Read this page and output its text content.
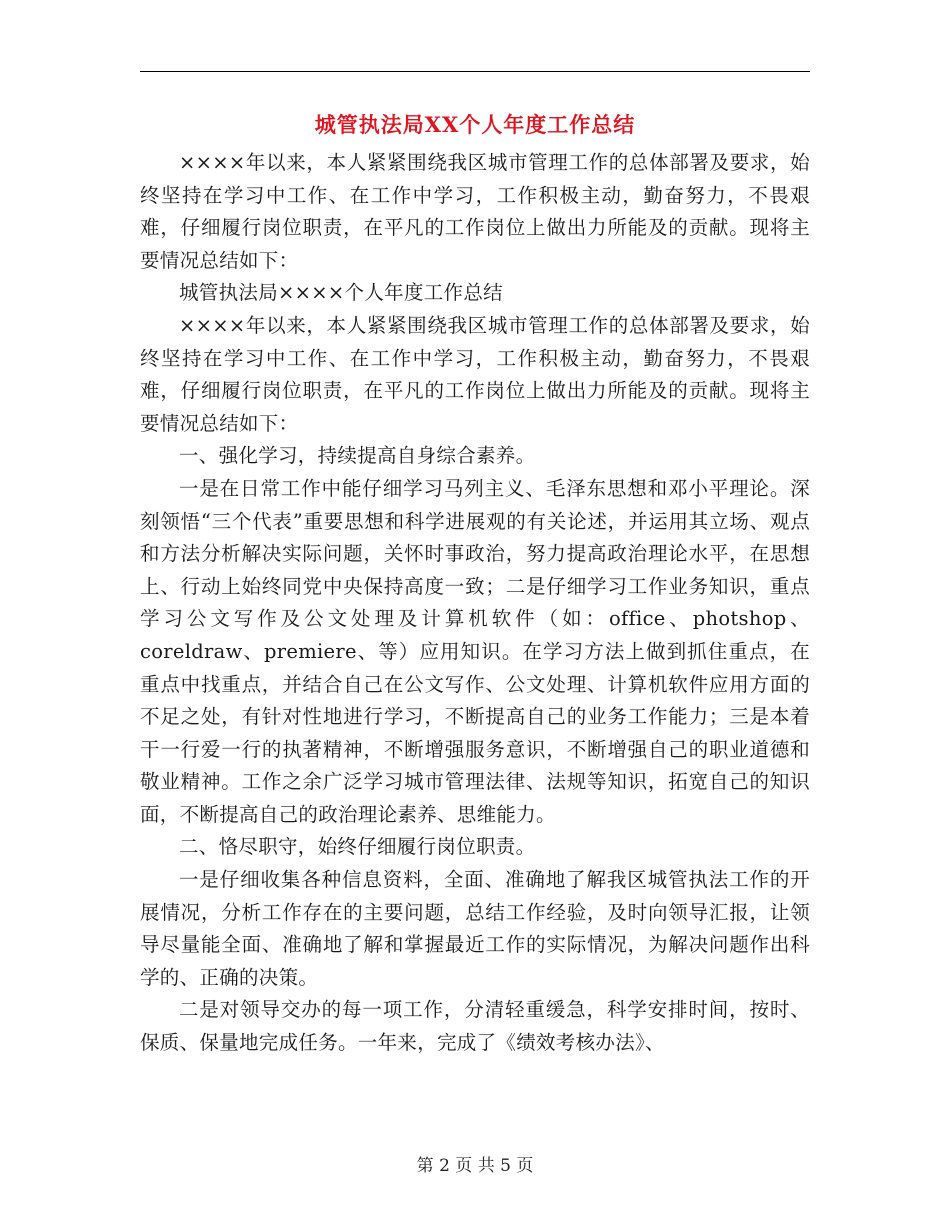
城管执法局XX个人年度工作总结

××××年以来，本人紧紧围绕我区城市管理工作的总体部署及要求，始终坚持在学习中工作、在工作中学习，工作积极主动，勤奋努力，不畏艰难，仔细履行岗位职责，在平凡的工作岗位上做出力所能及的贡献。现将主要情况总结如下：

城管执法局××××个人年度工作总结

××××年以来，本人紧紧围绕我区城市管理工作的总体部署及要求，始终坚持在学习中工作、在工作中学习，工作积极主动，勤奋努力，不畏艰难，仔细履行岗位职责，在平凡的工作岗位上做出力所能及的贡献。现将主要情况总结如下：

一、强化学习，持续提高自身综合素养。

一是在日常工作中能仔细学习马列主义、毛泽东思想和邓小平理论。深刻领悟“三个代表”重要思想和科学进展观的有关论述，并运用其立场、观点和方法分析解决实际问题，关怀时事政治，努力提高政治理论水平，在思想上、行动上始终同党中央保持高度一致；二是仔细学习工作业务知识，重点学习公文写作及公文处理及计算机软件（如：office、photshop、coreldraw、premiere、等）应用知识。在学习方法上做到抓住重点，在重点中找重点，并结合自己在公文写作、公文处理、计算机软件应用方面的不足之处，有针对性地进行学习，不断提高自己的业务工作能力；三是本着干一行爱一行的执著精神，不断增强服务意识，不断增强自己的职业道德和敬业精神。工作之余广泛学习城市管理法律、法规等知识，拓宽自己的知识面，不断提高自己的政治理论素养、思维能力。

二、恪尽职守，始终仔细履行岗位职责。

一是仔细收集各种信息资料，全面、准确地了解我区城管执法工作的开展情况，分析工作存在的主要问题，总结工作经验，及时向领导汇报，让领导尽量能全面、准确地了解和掌握最近工作的实际情况，为解决问题作出科学的、正确的决策。

二是对领导交办的每一项工作，分清轻重缓急，科学安排时间，按时、保质、保量地完成任务。一年来，完成了《绩效考核办法》、

第 2 页 共 5 页
